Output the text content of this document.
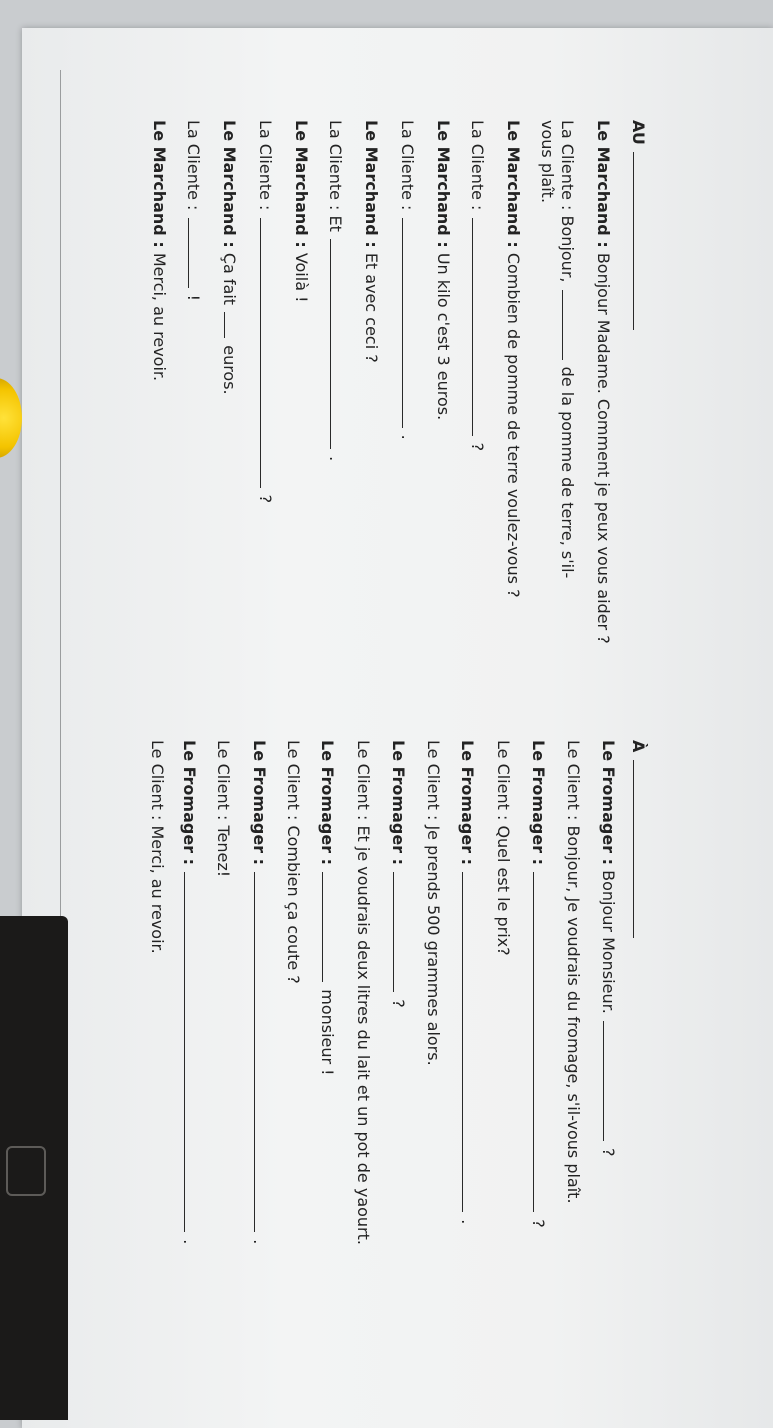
AU
Le Marchand : Bonjour Madame. Comment je peux vous aider ?
La Cliente : Bonjour,  de la pomme de terre, s'il-
vous plaît.
Le Marchand : Combien de pomme de terre voulez-vous ?
La Cliente :  ?
Le Marchand : Un kilo c'est 3 euros.
La Cliente :  .
Le Marchand : Et avec ceci ?
La Cliente : Et  .
Le Marchand : Voilà !
La Cliente :  ?
Le Marchand : Ça fait  euros.
La Cliente :  !
Le Marchand : Merci, au revoir.
À
Le Fromager : Bonjour Monsieur.  ?
Le Client : Bonjour, Je voudrais du fromage, s'il-vous plaît.
Le Fromager :  ?
Le Client : Quel est le prix?
Le Fromager :  .
Le Client : Je prends 500 grammes alors.
Le Fromager :  ?
Le Client : Et je voudrais deux litres du lait et un pot de yaourt.
Le Fromager :  monsieur !
Le Client : Combien ça coute ?
Le Fromager :  .
Le Client : Tenez!
Le Fromager :  .
Le Client : Merci, au revoir.
